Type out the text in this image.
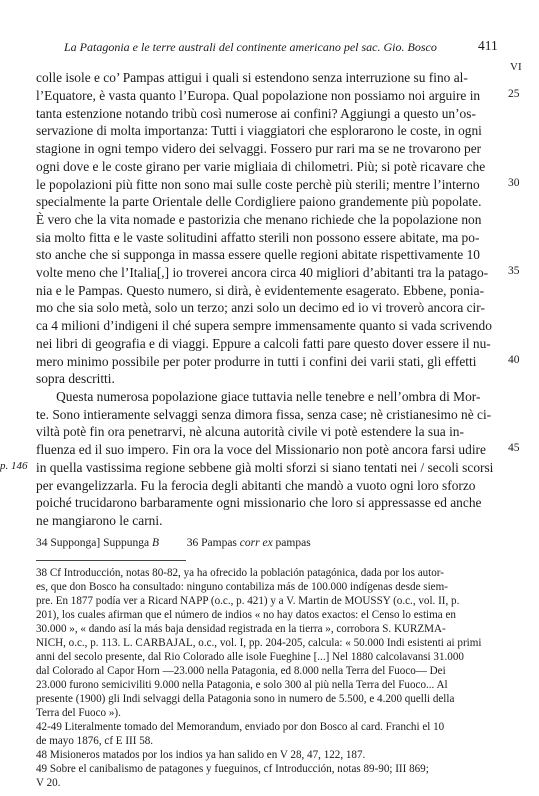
La Patagonia e le terre australi del continente americano pel sac. Gio. Bosco	411
VI
colle isole e co’ Pampas attigui i quali si estendono senza interruzione su fino al-
l’Equatore, è vasta quanto l’Europa. Qual popolazione non possiamo noi arguire in
tanta estenzione notando tribù così numerose ai confini? Aggiungi a questo un’os-
servazione di molta importanza: Tutti i viaggiatori che esplorarono le coste, in ogni
stagione in ogni tempo videro dei selvaggi. Fossero pur rari ma se ne trovarono per
ogni dove e le coste girano per varie migliaia di chilometri. Più; si potè ricavare che
le popolazioni più fitte non sono mai sulle coste perchè più sterili; mentre l’interno
specialmente la parte Orientale delle Cordigliere paiono grandemente più popolate.
È vero che la vita nomade e pastorizia che menano richiede che la popolazione non
sia molto fitta e le vaste solitudini affatto sterili non possono essere abitate, ma po-
sto anche che si supponga in massa essere quelle regioni abitate rispettivamente 10
volte meno che l’Italia[,] io troverei ancora circa 40 migliori d’abitanti tra la patago-
nia e le Pampas. Questo numero, si dirà, è evidentemente esagerato. Ebbene, ponia-
mo che sia solo metà, solo un terzo; anzi solo un decimo ed io vi troverò ancora cir-
ca 4 milioni d’indigeni il ché supera sempre immensamente quanto si vada scrivendo
nei libri di geografia e di viaggi. Eppure a calcoli fatti pare questo dover essere il nu-
mero minimo possibile per poter produrre in tutti i confini dei varii stati, gli effetti
sopra descritti.
Questa numerosa popolazione giace tuttavia nelle tenebre e nell’ombra di Mor-
te. Sono intieramente selvaggi senza dimora fissa, senza case; nè cristianesimo nè ci-
viltà potè fin ora penetrarvi, nè alcuna autorità civile vi potè estendere la sua in-
fluenza ed il suo impero. Fin ora la voce del Missionario non potè ancora farsi udire
in quella vastissima regione sebbene già molti sforzi si siano tentati nei / secoli scorsi
per evangelizzarla. Fu la ferocia degli abitanti che mandò a vuoto ogni loro sforzo
poiché trucidarono barbaramente ogni missionario che loro si appressasse ed anche
ne mangiarono le carni.
25
30
35
40
45
p. 146
34 Supponga] Suppunga B 36 Pampas corr ex pampas
38 Cf Introducción, notas 80-82, ya ha ofrecido la población patagónica, dada por los autor-
es, que don Bosco ha consultado: ninguno contabiliza más de 100.000 indígenas desde siem-
pre. En 1877 podía ver a Ricard NAPP (o.c., p. 421) y a V. Martin de MOUSSY (o.c., vol. II, p.
201), los cuales afirman que el número de indios « no hay datos exactos: el Censo lo estima en
30.000 », « dando así la más baja densidad registrada en la tierra », corrobora S. KURZMA-
NICH, o.c., p. 113. L. CARBAJAL, o.c., vol. I, pp. 204-205, calcula: « 50.000 Indi esistenti ai primi
anni del secolo presente, dal Rio Colorado alle isole Fueghine [...] Nel 1880 calcolavansi 31.000
dal Colorado al Capor Horn —23.000 nella Patagonia, ed 8.000 nella Terra del Fuoco— Dei
23.000 furono semiciviliti 9.000 nella Patagonia, e solo 300 al più nella Terra del Fuoco... Al
presente (1900) gli Indi selvaggi della Patagonia sono in numero de 5.500, e 4.200 quelli della
Terra del Fuoco »).
42-49 Literalmente tomado del Memorandum, enviado por don Bosco al card. Franchi el 10
de mayo 1876, cf E III 58.
48 Misioneros matados por los indios ya han salido en V 28, 47, 122, 187.
49 Sobre el canibalismo de patagones y fueguinos, cf Introducción, notas 89-90; III 869;
V 20.
